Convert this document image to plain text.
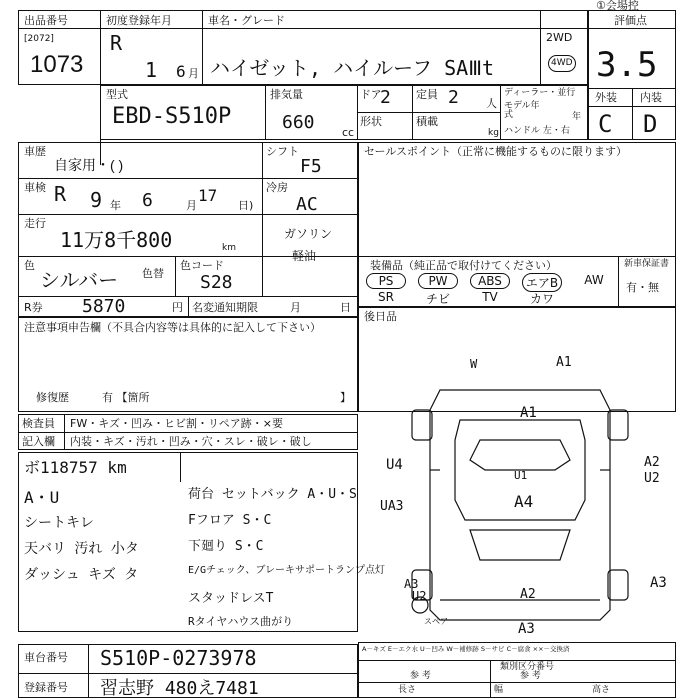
出品番号
[2072]
1073
初度登録年月
R
1 6 月
車名・グレード
ハイゼット, ハイルーフ SAⅢt
2WD
4WD
①会場控
評価点
3.5
外装 内装
C D
型式
EBD-S510P
排気量
660 cc
ドア
2 定員 2 人
形状	積載
kg
ディーラー・並行
モデル年式	年
ハンドル 左・右
車歴
自家用・( )
シフト
F5
車検 R 9 年 6	月
17
日)
冷房
AC
走行
11万8千800	km
ガソリン
軽油
色
シルバー 色替
色コード
S28
R券 5870	円 名変通知期限	月	日
セールスポイント（正常に機能するものに限ります）
装備品（純正品で取付けてください）	新車保証書
有・無
PS	PW	ABS	エアB	AW
SR	チビ	TV	カワ
後日品
注意事項申告欄（不具合内容等は具体的に記入して下さい）
修復歴	有 【箇所	】
検査員
記入欄
FW・キズ・凹み・ヒビ割・リペア跡・×要
内装・キズ・汚れ・凹み・穴・スレ・破レ・破し
ボ118757 km
A・U
シートキレ
天バリ 汚れ 小タ
ダッシュ キズ タ
荷台 セットバック A・U・S
Fフロア S・C
下廻り S・C
E/Gチェック、ブレーキサポートランプ点灯
スタッドレスT
Rタイヤハウス曲がり
W	A1
A1
U4
U1
A4
A2
U2
UA3
A3
U2	A2
A3
A3
スペア
車台番号 S510P-0273978
登録番号 習志野 480え7481
A－キズ E－エク水 U－凹み W－補修跡 S－サビ C－腐食 ××－交換済
類別区分番号
参 考	参 考
長さ	幅	高さ
